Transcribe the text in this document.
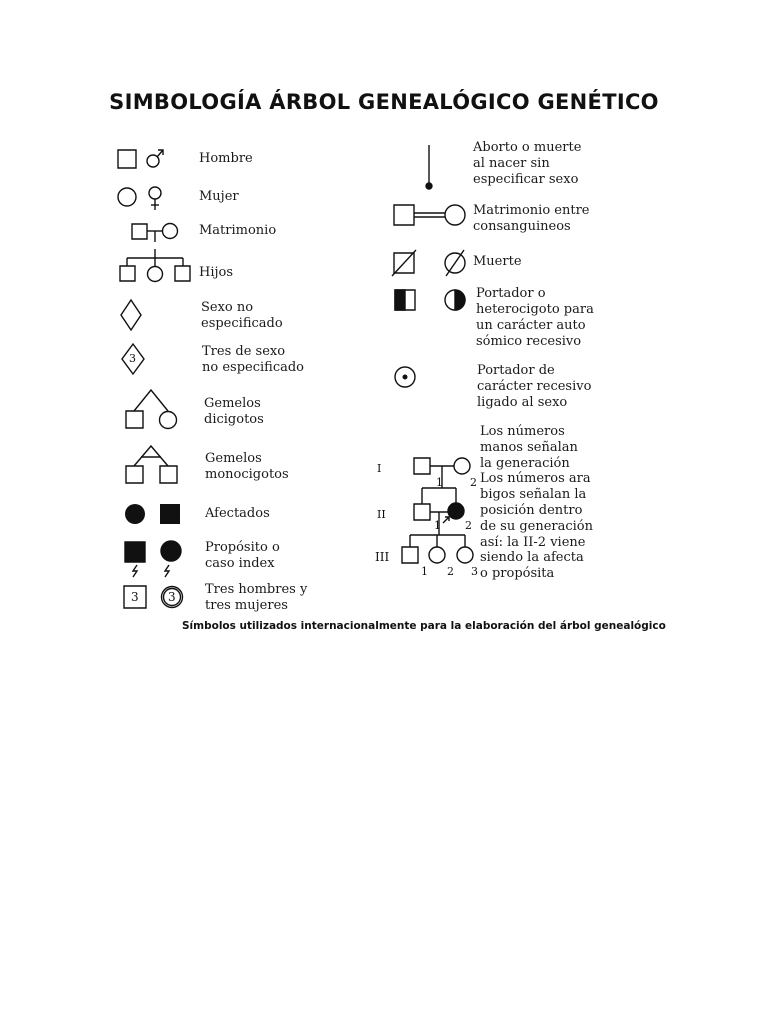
SIMBOLOGÍA ÁRBOL GENEALÓGICO GENÉTICO
3
3 3
Hombre
Mujer
Matrimonio
Hijos
Sexo no
especificado
Tres de sexo
no especificado
Gemelos
dicigotos
Gemelos
monocigotos
Afectados
Propósito o
caso index
Tres hombres y
tres mujeres
Aborto o muerte
al nacer sin
especificar sexo
Matrimonio entre
consanguineos
Muerte
Portador o
heterocigoto para
un carácter auto
sómico recesivo
Portador de
carácter recesivo
ligado al sexo
Los números
manos señalan
la generación
Los números ara
bigos señalan la
posición dentro
de su generación
así: la II-2 viene
siendo la afecta
o propósita
I
II
III
1 2
1 2
1 2 3
Símbolos utilizados internacionalmente para la elaboración del árbol genealógico
